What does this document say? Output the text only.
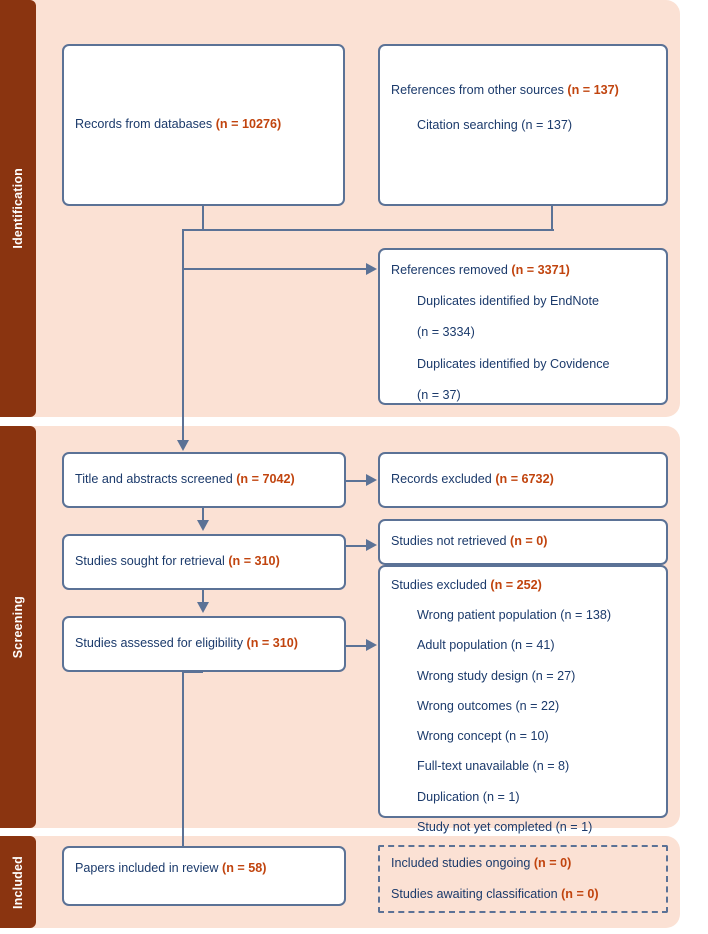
Identification
Screening
Included
Records from databases (n = 10276)
References from other sources (n = 137)
Citation searching (n = 137)
References removed (n = 3371)
Duplicates identified by EndNote
(n = 3334)
Duplicates identified by Covidence
(n = 37)
Title and abstracts screened (n = 7042)	Records excluded (n = 6732)
Studies sought for retrieval (n = 310)
Studies not retrieved (n = 0)
Studies assessed for eligibility (n = 310)
Studies excluded (n = 252)
Wrong patient population (n = 138)
Adult population (n = 41)
Wrong study design (n = 27)
Wrong outcomes (n = 22)
Wrong concept (n = 10)
Full-text unavailable (n = 8)
Duplication (n = 1)
Study not yet completed (n = 1)
Papers included in review (n = 58)	Included studies ongoing (n = 0)
Studies awaiting classification (n = 0)
